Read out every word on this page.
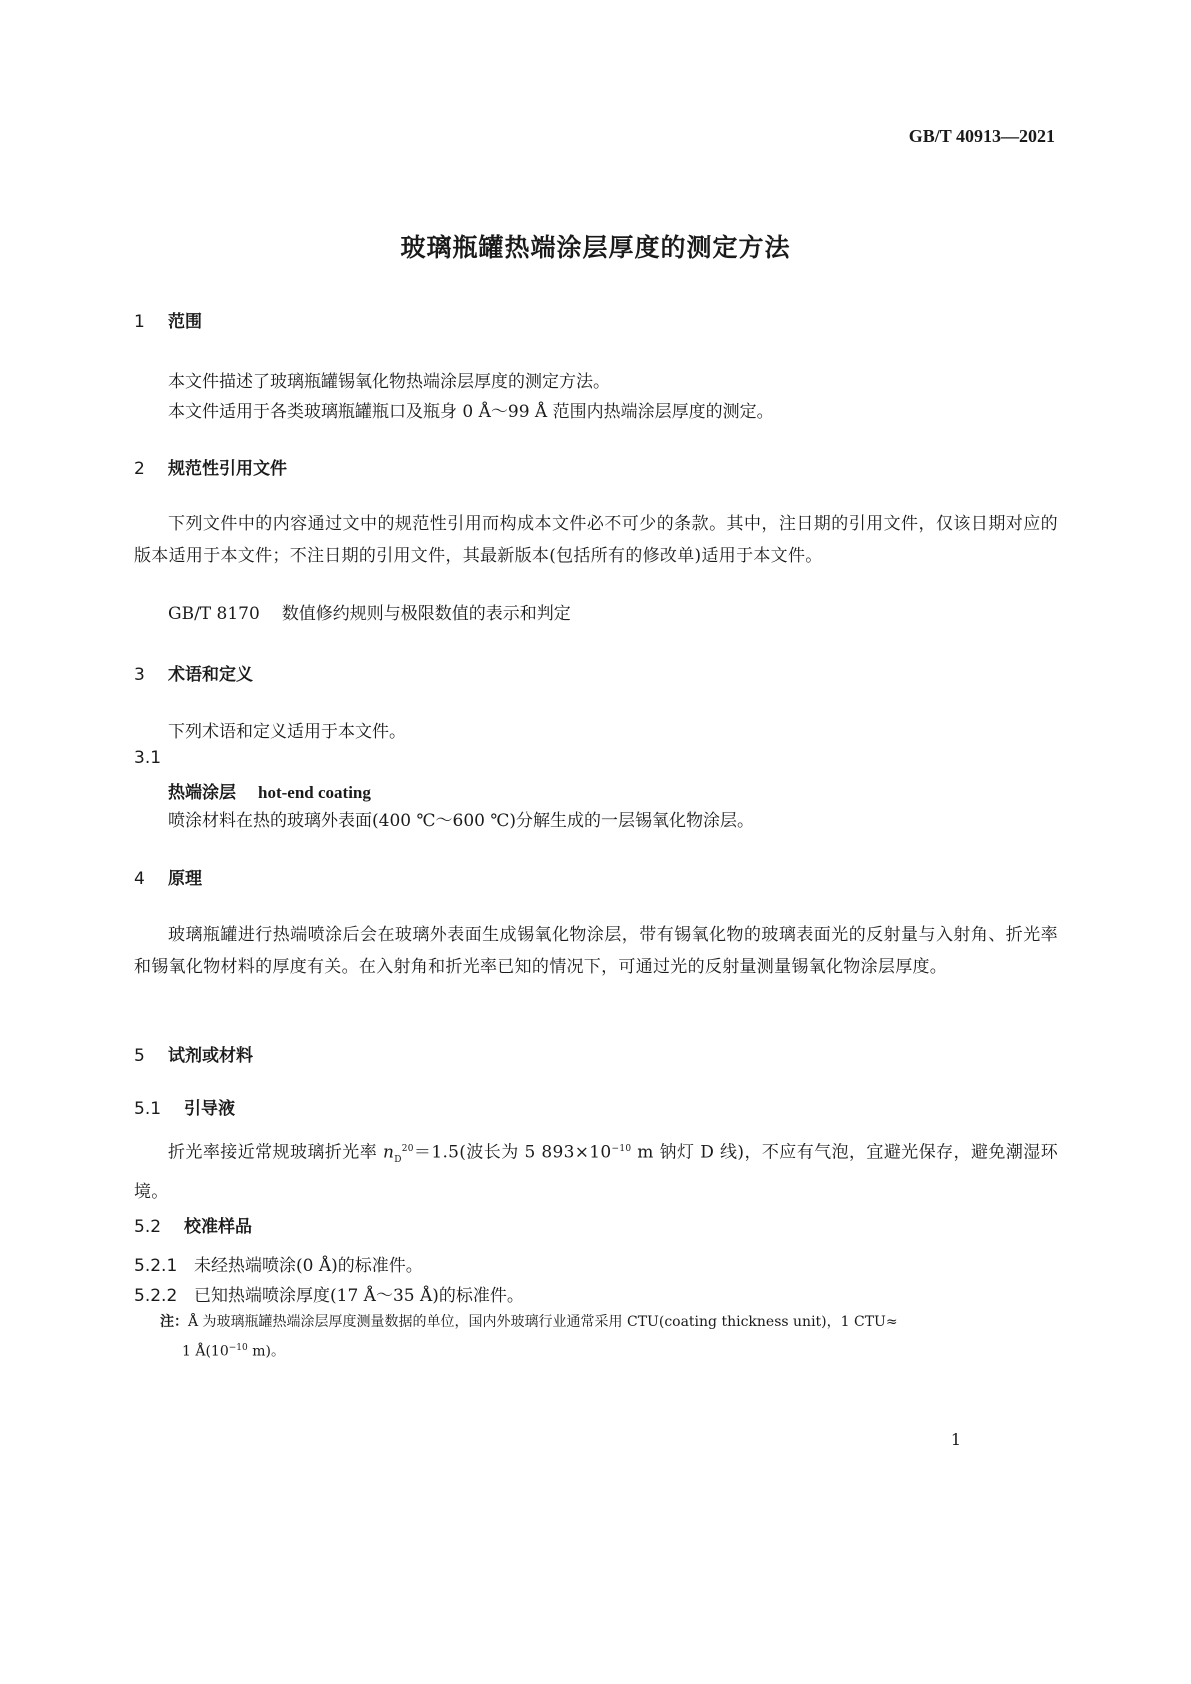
GB/T 40913—2021
玻璃瓶罐热端涂层厚度的测定方法
1 范围
本文件描述了玻璃瓶罐锡氧化物热端涂层厚度的测定方法。
本文件适用于各类玻璃瓶罐瓶口及瓶身 0 Å～99 Å 范围内热端涂层厚度的测定。
2 规范性引用文件
下列文件中的内容通过文中的规范性引用而构成本文件必不可少的条款。其中，注日期的引用文件，仅该日期对应的版本适用于本文件；不注日期的引用文件，其最新版本(包括所有的修改单)适用于本文件。
GB/T 8170 数值修约规则与极限数值的表示和判定
3 术语和定义
下列术语和定义适用于本文件。
3.1
热端涂层 hot-end coating
喷涂材料在热的玻璃外表面(400 ℃～600 ℃)分解生成的一层锡氧化物涂层。
4 原理
玻璃瓶罐进行热端喷涂后会在玻璃外表面生成锡氧化物涂层，带有锡氧化物的玻璃表面光的反射量与入射角、折光率和锡氧化物材料的厚度有关。在入射角和折光率已知的情况下，可通过光的反射量测量锡氧化物涂层厚度。
5 试剂或材料
5.1 引导液
折光率接近常规玻璃折光率 $n_D^{20}=1.5$(波长为 5 $893\times 10^{-10}$ m 钠灯 D 线)，不应有气泡，宜避光保存，避免潮湿环境。
5.2 校准样品
5.2.1 未经热端喷涂(0 Å)的标准件。
5.2.2 已知热端喷涂厚度(17 Å～35 Å)的标准件。
注：Å 为玻璃瓶罐热端涂层厚度测量数据的单位，国内外玻璃行业通常采用 CTU(coating thickness unit)，1 CTU≈
1 $Å(10^{-10}$ m)。
1
